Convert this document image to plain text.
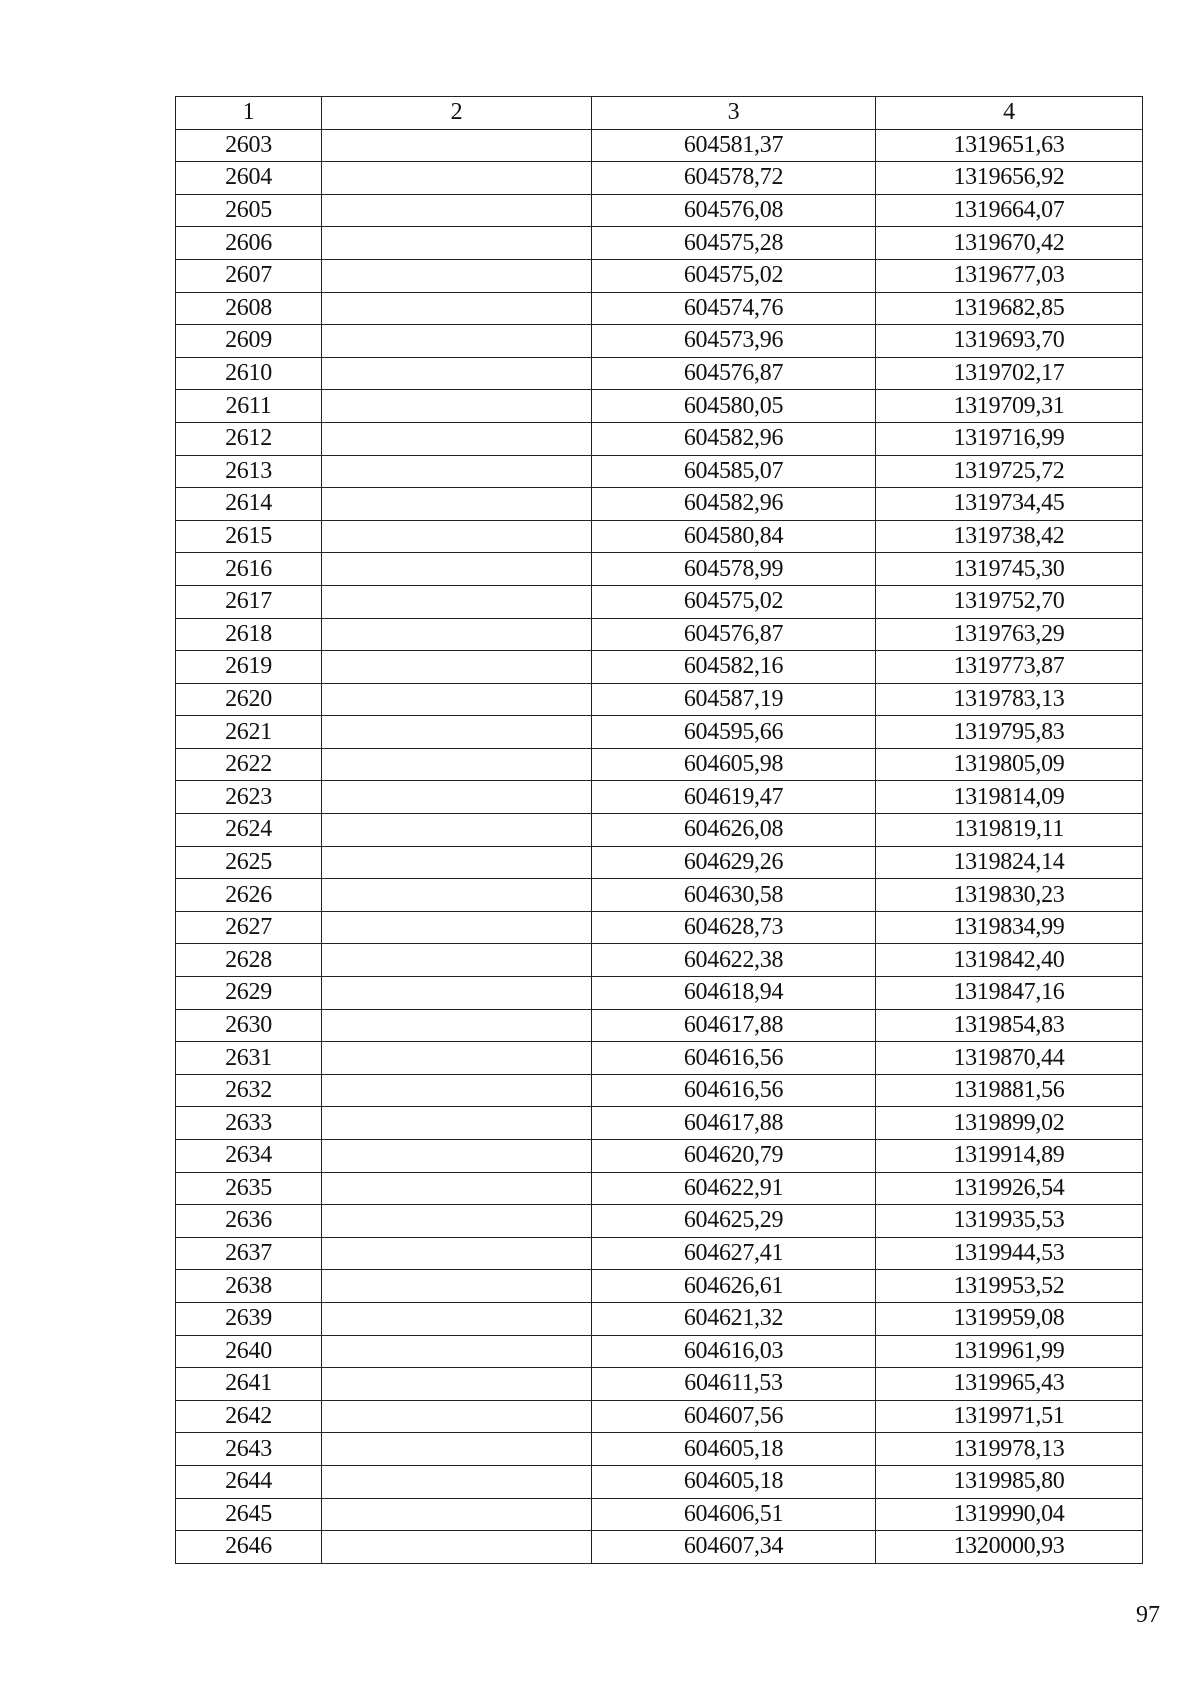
1	2	3	4
2603		604581,37	1319651,63
2604		604578,72	1319656,92
2605		604576,08	1319664,07
2606		604575,28	1319670,42
2607		604575,02	1319677,03
2608		604574,76	1319682,85
2609		604573,96	1319693,70
2610		604576,87	1319702,17
2611		604580,05	1319709,31
2612		604582,96	1319716,99
2613		604585,07	1319725,72
2614		604582,96	1319734,45
2615		604580,84	1319738,42
2616		604578,99	1319745,30
2617		604575,02	1319752,70
2618		604576,87	1319763,29
2619		604582,16	1319773,87
2620		604587,19	1319783,13
2621		604595,66	1319795,83
2622		604605,98	1319805,09
2623		604619,47	1319814,09
2624		604626,08	1319819,11
2625		604629,26	1319824,14
2626		604630,58	1319830,23
2627		604628,73	1319834,99
2628		604622,38	1319842,40
2629		604618,94	1319847,16
2630		604617,88	1319854,83
2631		604616,56	1319870,44
2632		604616,56	1319881,56
2633		604617,88	1319899,02
2634		604620,79	1319914,89
2635		604622,91	1319926,54
2636		604625,29	1319935,53
2637		604627,41	1319944,53
2638		604626,61	1319953,52
2639		604621,32	1319959,08
2640		604616,03	1319961,99
2641		604611,53	1319965,43
2642		604607,56	1319971,51
2643		604605,18	1319978,13
2644		604605,18	1319985,80
2645		604606,51	1319990,04
2646		604607,34	1320000,93
97
